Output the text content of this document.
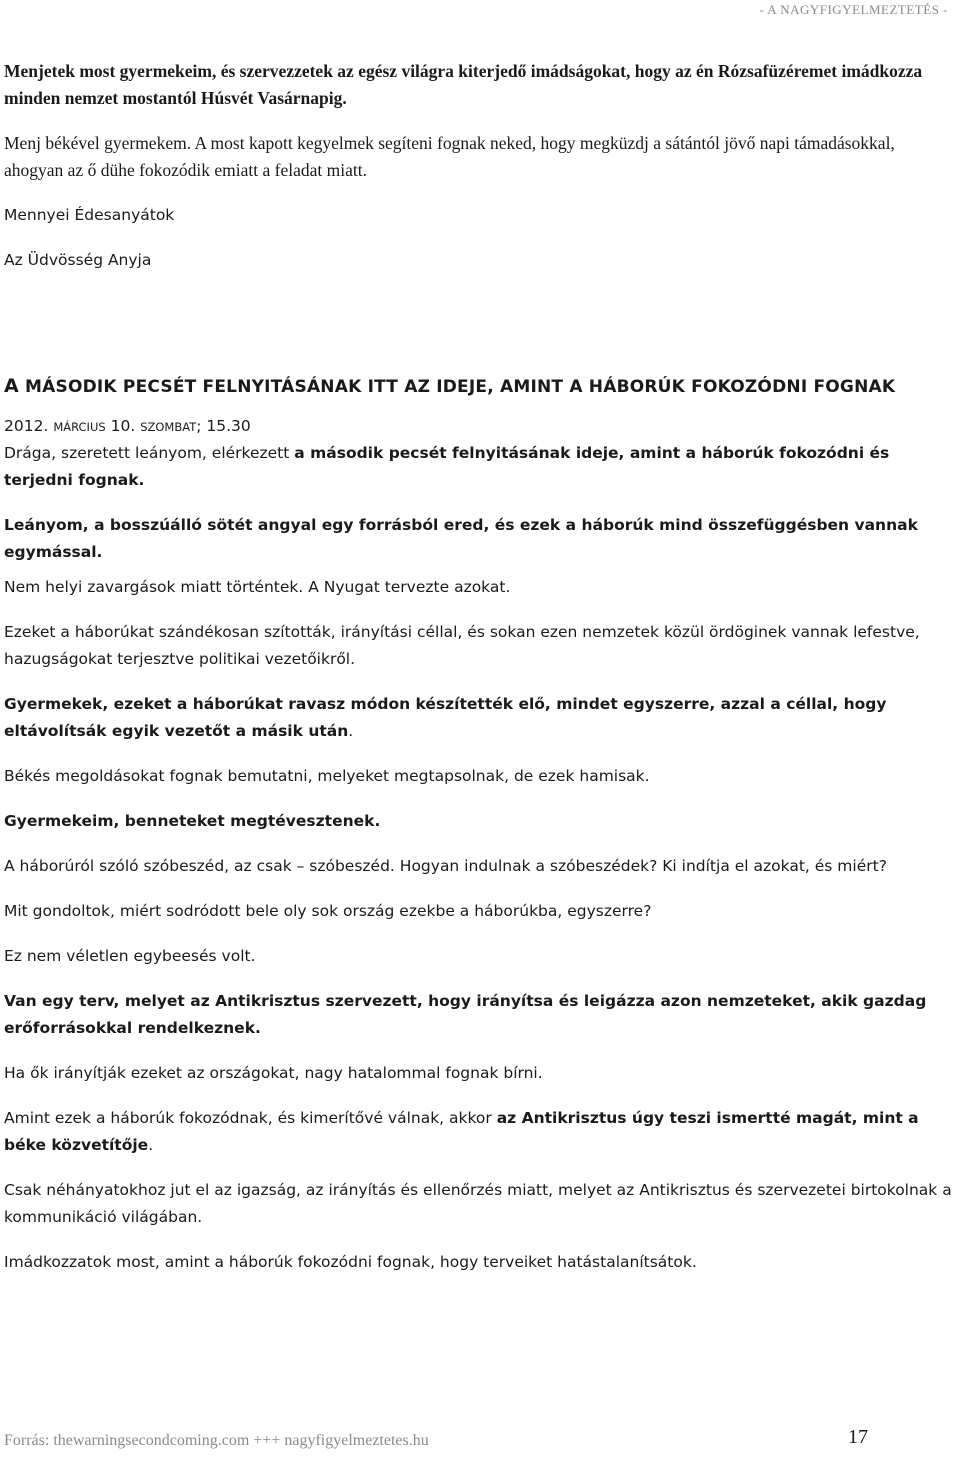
- A NAGYFIGYELMEZTETÉS -

Menjetek most gyermekeim, és szervezzetek az egész világra kiterjedő imádságokat, hogy az én Rózsafüzéremet imádkozza minden nemzet mostantól Húsvét Vasárnapig.

Menj békével gyermekem. A most kapott kegyelmek segíteni fognak neked, hogy megküzdj a sátántól jövő napi támadásokkal, ahogyan az ő dühe fokozódik emiatt a feladat miatt.

Mennyei Édesanyátok

Az Üdvösség Anyja

A MÁSODIK PECSÉT FELNYITÁSÁNAK ITT AZ IDEJE, AMINT A HÁBORÚK FOKOZÓDNI FOGNAK

2012. MÁRCIUS 10. SZOMBAT; 15.30

Drága, szeretett leányom, elérkezett a második pecsét felnyitásának ideje, amint a háborúk fokozódni és terjedni fognak.

Leányom, a bosszúálló sötét angyal egy forrásból ered, és ezek a háborúk mind összefüggésben vannak egymással.

Nem helyi zavargások miatt történtek. A Nyugat tervezte azokat.

Ezeket a háborúkat szándékosan szították, irányítási céllal, és sokan ezen nemzetek közül ördöginek vannak lefestve, hazugságokat terjesztve politikai vezetőikről.

Gyermekek, ezeket a háborúkat ravasz módon készítették elő, mindet egyszerre, azzal a céllal, hogy eltávolítsák egyik vezetőt a másik után.

Békés megoldásokat fognak bemutatni, melyeket megtapsolnak, de ezek hamisak.

Gyermekeim, benneteket megtévesztenek.

A háborúról szóló szóbeszéd, az csak – szóbeszéd. Hogyan indulnak a szóbeszédek? Ki indítja el azokat, és miért?

Mit gondoltok, miért sodródott bele oly sok ország ezekbe a háborúkba, egyszerre?

Ez nem véletlen egybeesés volt.

Van egy terv, melyet az Antikrisztus szervezett, hogy irányítsa és leigázza azon nemzeteket, akik gazdag erőforrásokkal rendelkeznek.

Ha ők irányítják ezeket az országokat, nagy hatalommal fognak bírni.

Amint ezek a háborúk fokozódnak, és kimerítővé válnak, akkor az Antikrisztus úgy teszi ismertté magát, mint a béke közvetítője.

Csak néhányatokhoz jut el az igazság, az irányítás és ellenőrzés miatt, melyet az Antikrisztus és szervezetei birtokolnak a kommunikáció világában.

Imádkozzatok most, amint a háborúk fokozódni fognak, hogy terveiket hatástalanítsátok.

Forrás: thewarningsecondcoming.com +++ nagyfigyelmeztetes.hu	17
